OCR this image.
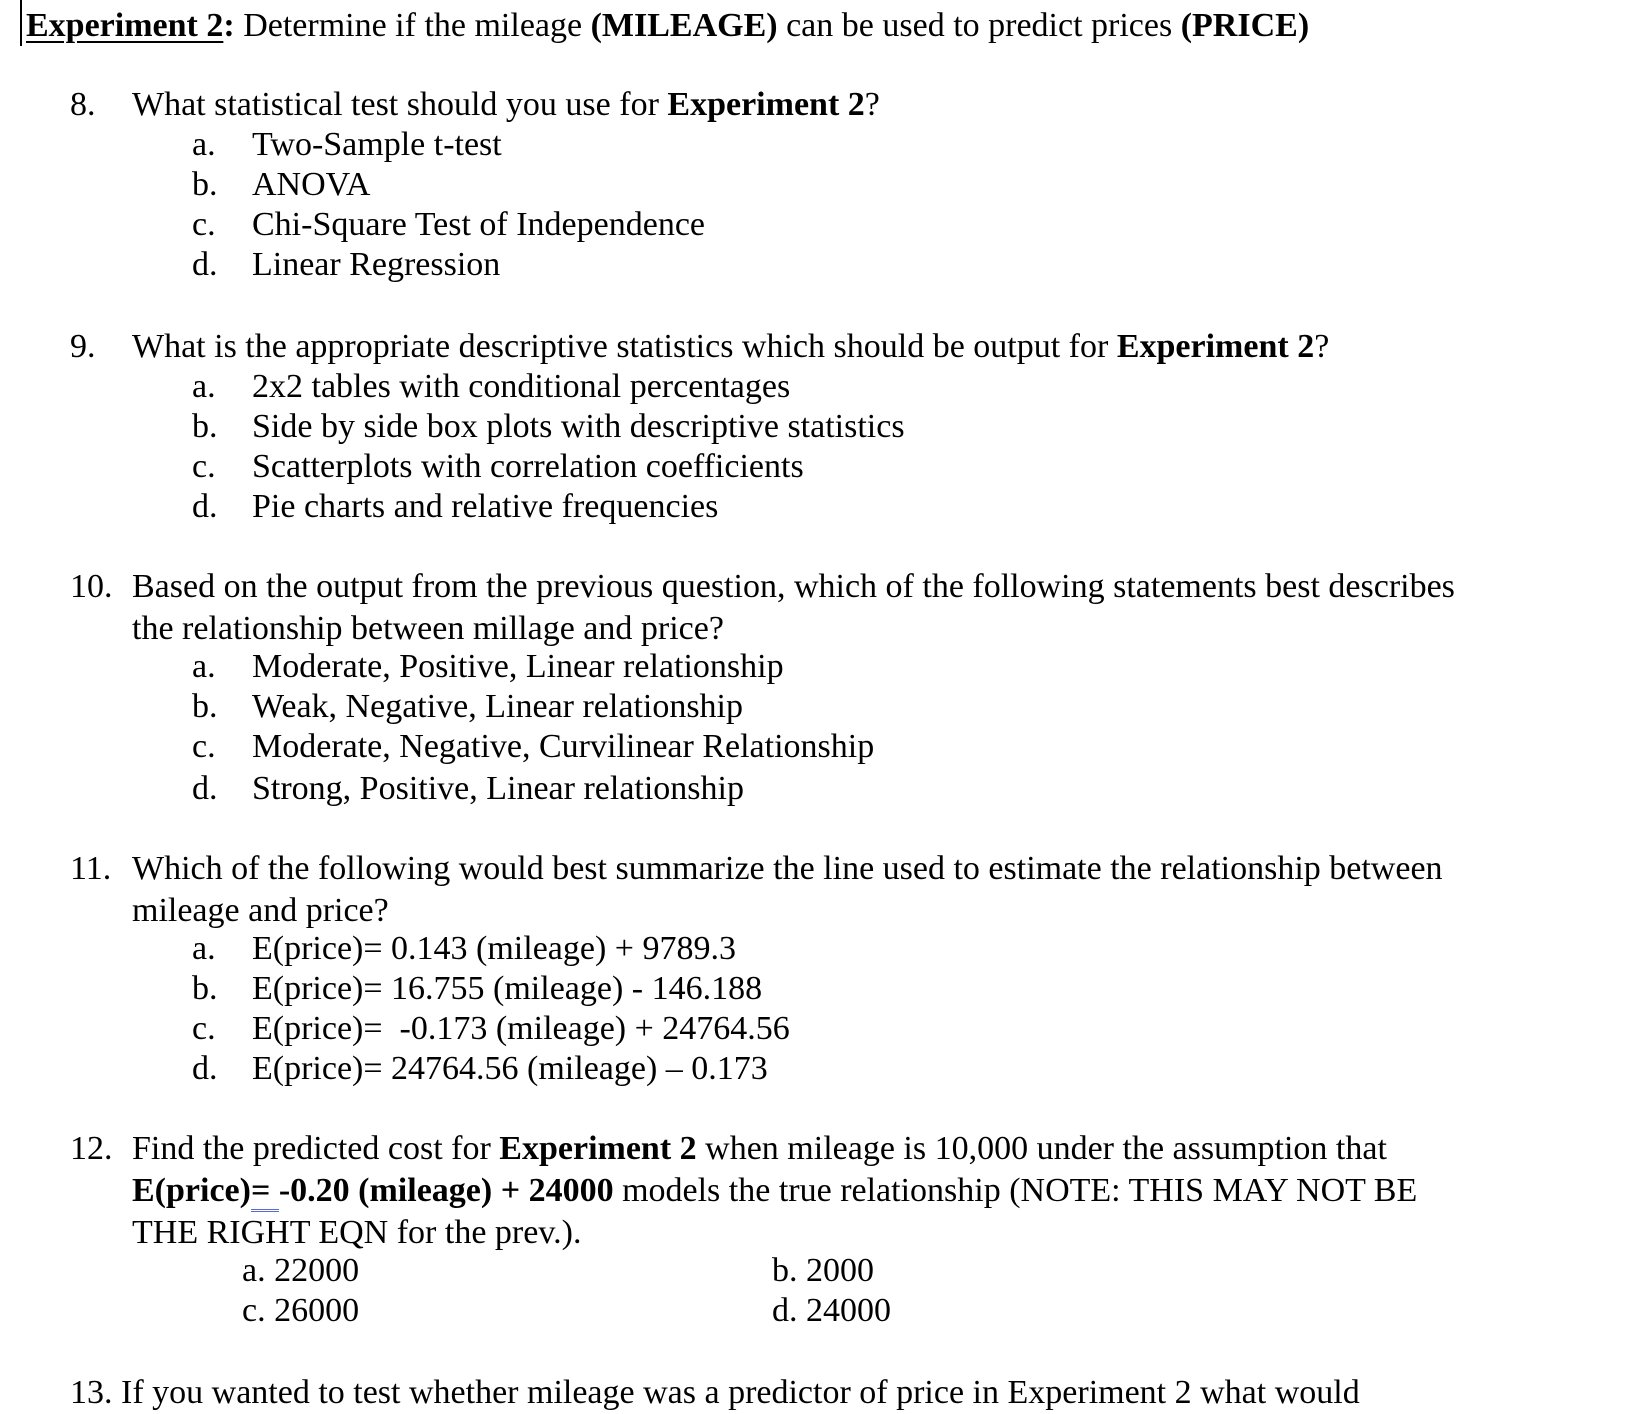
Experiment 2: Determine if the mileage (MILEAGE) can be used to predict prices (PRICE)
8. What statistical test should you use for Experiment 2?
a. Two-Sample t-test
b. ANOVA
c. Chi-Square Test of Independence
d. Linear Regression
9. What is the appropriate descriptive statistics which should be output for Experiment 2?
a. 2x2 tables with conditional percentages
b. Side by side box plots with descriptive statistics
c. Scatterplots with correlation coefficients
d. Pie charts and relative frequencies
10. Based on the output from the previous question, which of the following statements best describes
the relationship between millage and price?
a. Moderate, Positive, Linear relationship
b. Weak, Negative, Linear relationship
c. Moderate, Negative, Curvilinear Relationship
d. Strong, Positive, Linear relationship
11. Which of the following would best summarize the line used to estimate the relationship between
mileage and price?
a. E(price)= 0.143 (mileage) + 9789.3
b. E(price)= 16.755 (mileage) - 146.188
c. E(price)=  -0.173 (mileage) + 24764.56
d. E(price)= 24764.56 (mileage) – 0.173
12. Find the predicted cost for Experiment 2 when mileage is 10,000 under the assumption that
E(price)= -0.20 (mileage) + 24000 models the true relationship (NOTE: THIS MAY NOT BE
THE RIGHT EQN for the prev.).
a. 22000	b. 2000
c. 26000	d. 24000
13. If you wanted to test whether mileage was a predictor of price in Experiment 2 what would
